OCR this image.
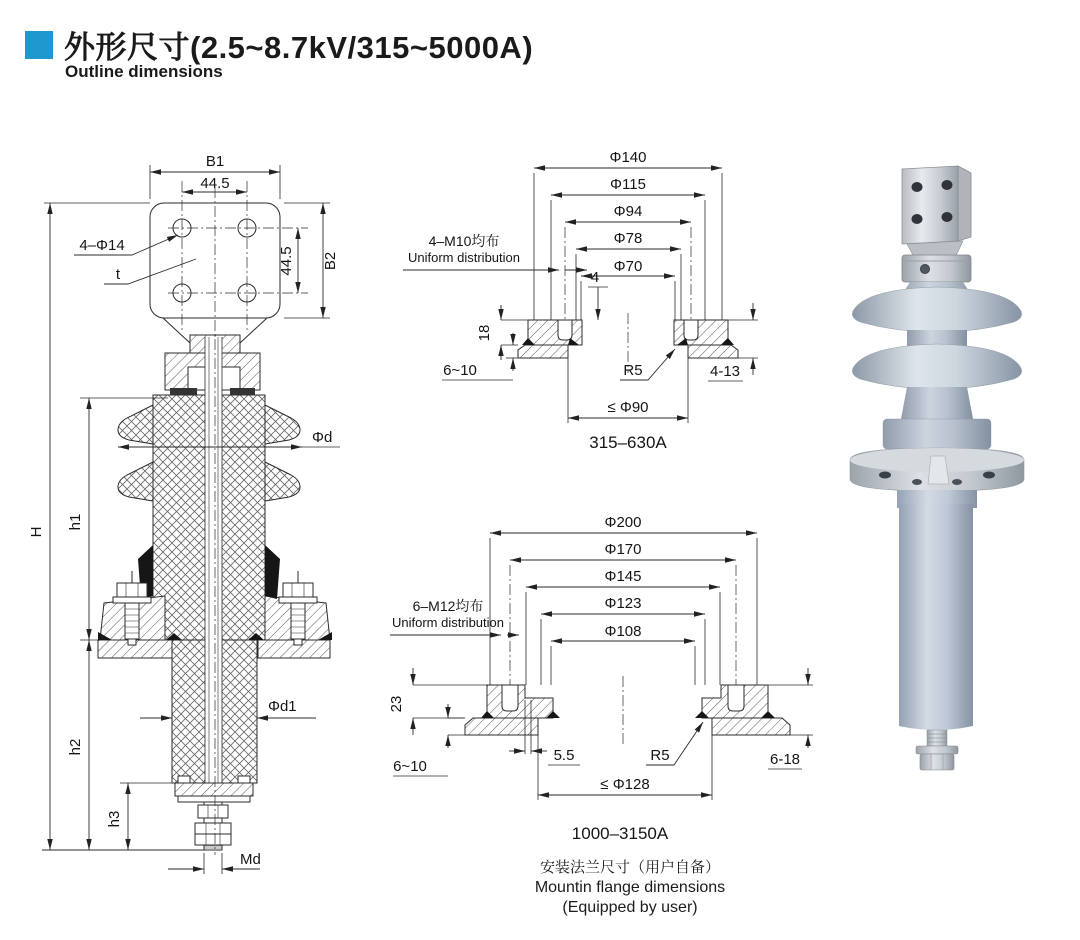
外形尺寸(2.5~8.7kV/315~5000A)
Outline dimensions
B1
44.5
B2
44.5
4–Φ14
t
H
h1
h2
h3
Φd
Φd1
Md
Φ140
Φ115
Φ94
Φ78
Φ70
4–M10均布
Uniform distribution
4
18
6~10	R5	4-13
≤ Φ90
315–630A
Φ200
Φ170
Φ145
Φ123
Φ108
6–M12均布
Uniform distribution
23
6~10
5.5	R5	6-18
≤ Φ128
1000–3150A
安装法兰尺寸（用户自备）
Mountin flange dimensions
(Equipped by user)
